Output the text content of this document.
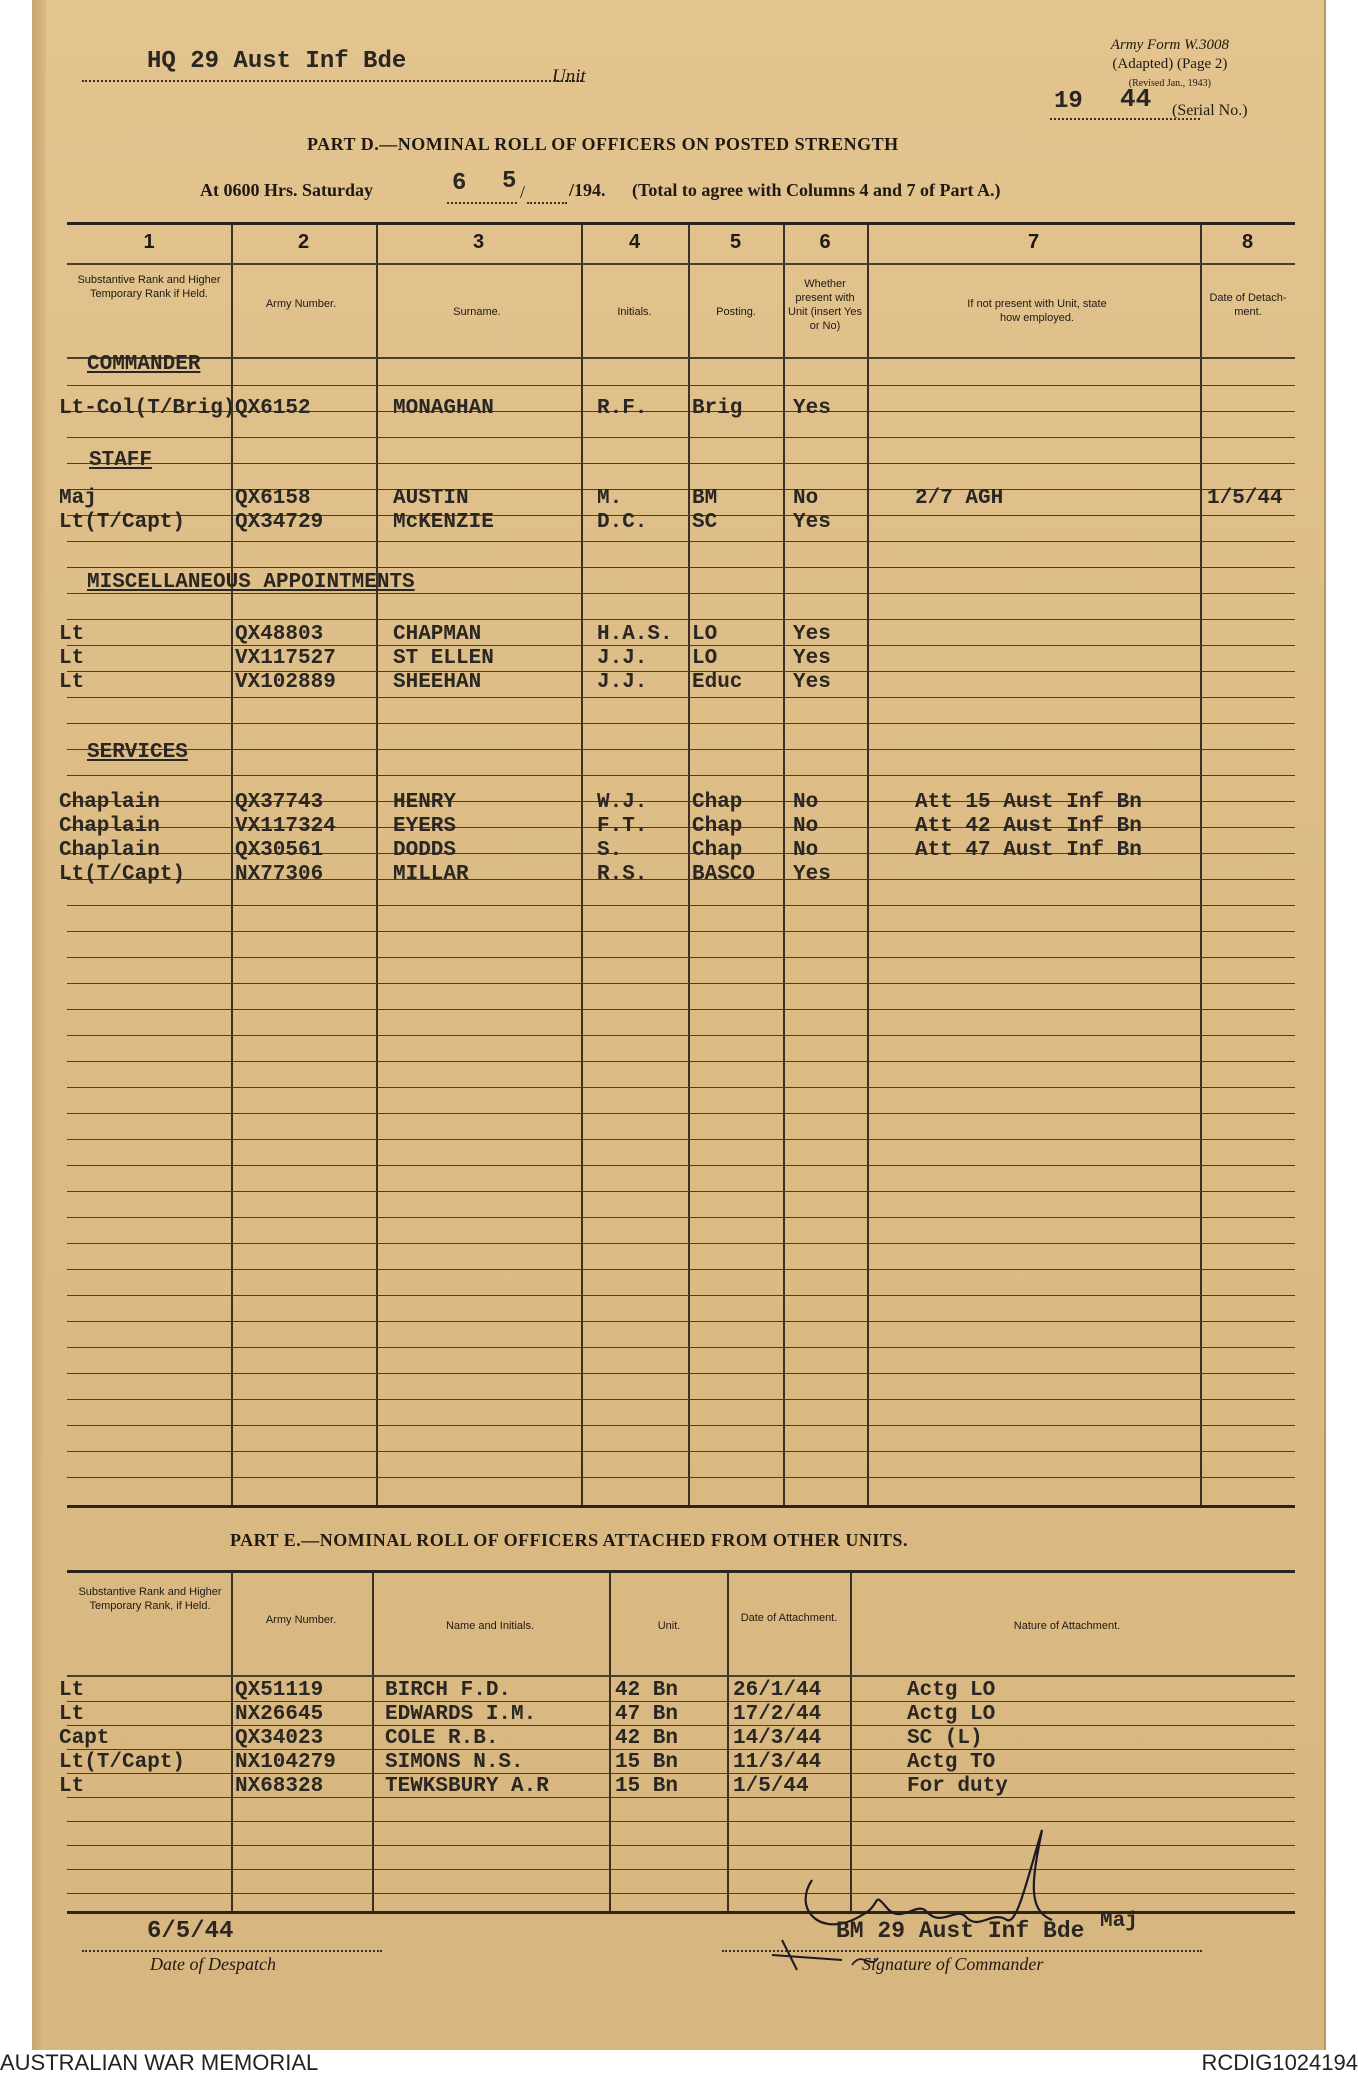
HQ 29 Aust Inf Bde
Unit
Army Form W.3008
(Adapted) (Page 2)
(Revised Jan., 1943)
19 44 (Serial No.)
PART D.—NOMINAL ROLL OF OFFICERS ON POSTED STRENGTH
At 0600 Hrs. Saturday	6	/
5	/194. (Total to agree with Columns 4 and 7 of Part A.)
1	2	3	4	5	6	7	8
Substantive Rank and Higher Temporary Rank if Held.
Army Number.
Surname.	Initials.	Posting.
Whether present with Unit (insert Yes or No)
If not present with Unit, state how employed.
Date of Detach-ment.
COMMANDER
STAFF
MISCELLANEOUS APPOINTMENTS
SERVICES
Lt-Col(T/Brig) QX6152	MONAGHAN	R.F. Brig Yes
Maj	QX6158	AUSTIN	M.	BM	No	2/7 AGH	1/5/44
Lt(T/Capt) QX34729	McKENZIE	D.C. SC	Yes
Lt	QX48803	CHAPMAN	H.A.S. LO	Yes
Lt	VX117527	ST ELLEN	J.J. LO	Yes
Lt	VX102889	SHEEHAN	J.J. Educ Yes
Chaplain	QX37743	HENRY	W.J. Chap No	Att 15 Aust Inf Bn
Chaplain	VX117324	EYERS	F.T. Chap No	Att 42 Aust Inf Bn
Chaplain	QX30561	DODDS	S.	Chap No	Att 47 Aust Inf Bn
Lt(T/Capt) NX77306	MILLAR	R.S. BASCO Yes
PART E.—NOMINAL ROLL OF OFFICERS ATTACHED FROM OTHER UNITS.
Substantive Rank and Higher Temporary Rank, if Held.
Army Number.	Name and Initials.	Unit.
Date of Attachment.
Nature of Attachment.
Lt	QX51119	BIRCH F.D.	42 Bn	26/1/44	Actg LO
Lt	NX26645	EDWARDS I.M.	47 Bn	17/2/44	Actg LO
Capt	QX34023	COLE R.B.	42 Bn	14/3/44	SC (L)
Lt(T/Capt) NX104279 SIMONS N.S.	15 Bn	11/3/44	Actg TO
Lt	NX68328	TEWKSBURY A.R	15 Bn	1/5/44	For duty
6/5/44
Date of Despatch
BM 29 Aust Inf Bde Maj
Signature of Commander
AUSTRALIAN WAR MEMORIAL	RCDIG1024194
